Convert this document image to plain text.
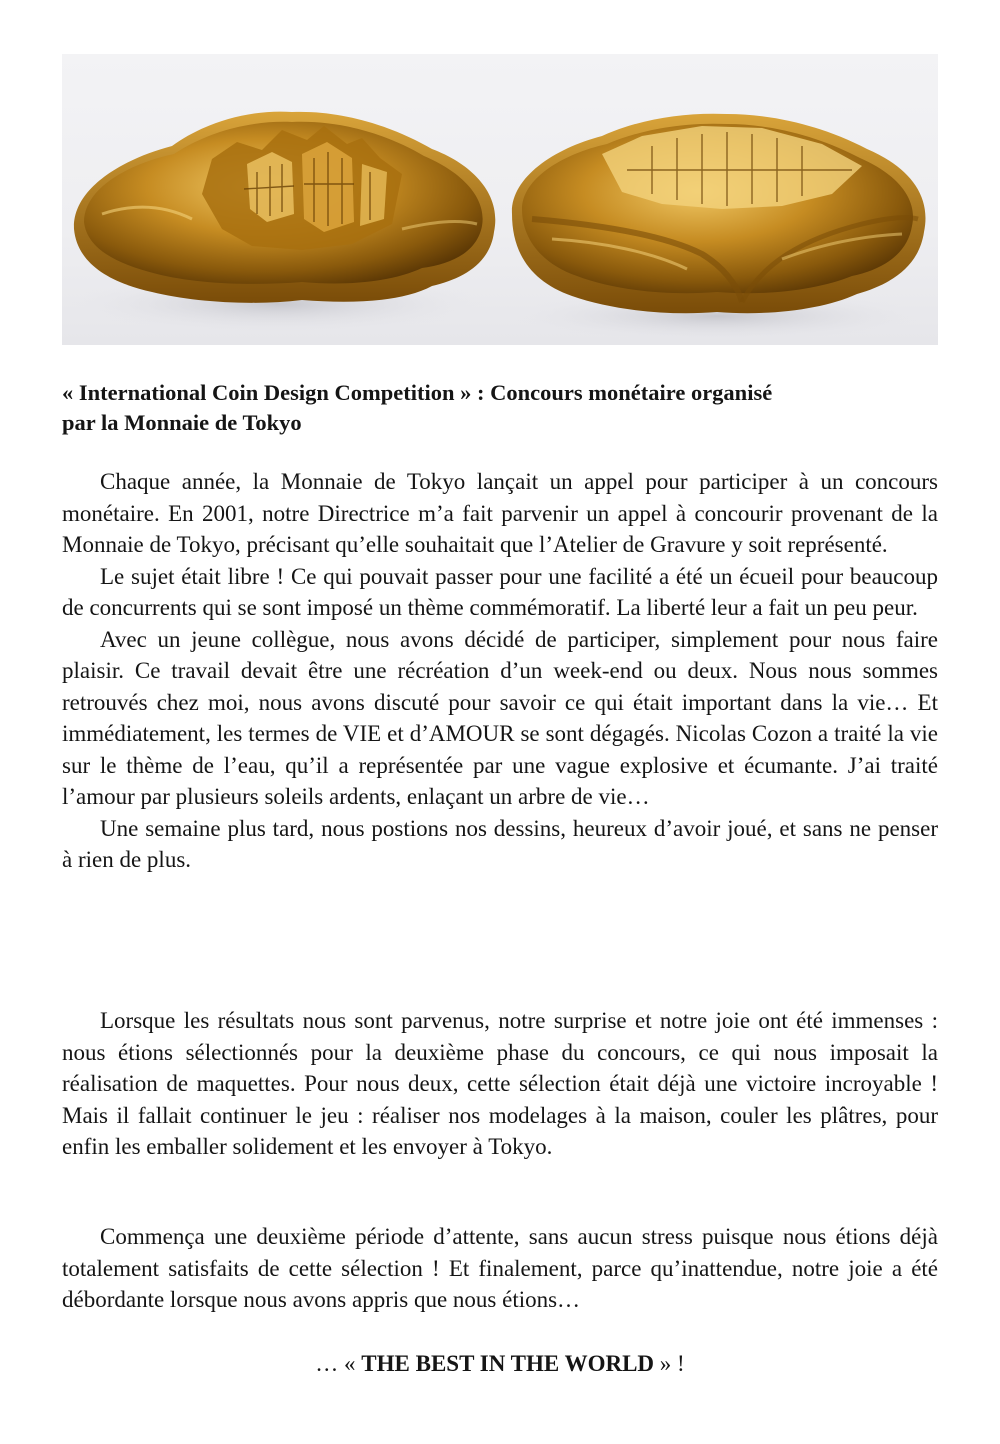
« International Coin Design Competition » : Concours monétaire organisé
par la Monnaie de Tokyo

Chaque année, la Monnaie de Tokyo lançait un appel pour participer à un concours monétaire. En 2001, notre Directrice m’a fait parvenir un appel à concourir provenant de la Monnaie de Tokyo, précisant qu’elle souhaitait que l’Atelier de Gravure y soit représenté.

Le sujet était libre ! Ce qui pouvait passer pour une facilité a été un écueil pour beaucoup de concurrents qui se sont imposé un thème commémoratif. La liberté leur a fait un peu peur.

Avec un jeune collègue, nous avons décidé de participer, simplement pour nous faire plaisir. Ce travail devait être une récréation d’un week-end ou deux. Nous nous sommes retrouvés chez moi, nous avons discuté pour savoir ce qui était important dans la vie… Et immédiatement, les termes de VIE et d’AMOUR se sont dégagés. Nicolas Cozon a traité la vie sur le thème de l’eau, qu’il a représentée par une vague explosive et écumante. J’ai traité l’amour par plusieurs soleils ardents, enlaçant un arbre de vie…

Une semaine plus tard, nous postions nos dessins, heureux d’avoir joué, et sans ne penser à rien de plus.

Lorsque les résultats nous sont parvenus, notre surprise et notre joie ont été immenses : nous étions sélectionnés pour la deuxième phase du concours, ce qui nous imposait la réalisation de maquettes. Pour nous deux, cette sélection était déjà une victoire incroyable ! Mais il fallait continuer le jeu : réaliser nos modelages à la maison, couler les plâtres, pour enfin les emballer solidement et les envoyer à Tokyo.

Commença une deuxième période d’attente, sans aucun stress puisque nous étions déjà totalement satisfaits de cette sélection ! Et finalement, parce qu’inattendue, notre joie a été débordante lorsque nous avons appris que nous étions…

… « THE BEST IN THE WORLD » !
